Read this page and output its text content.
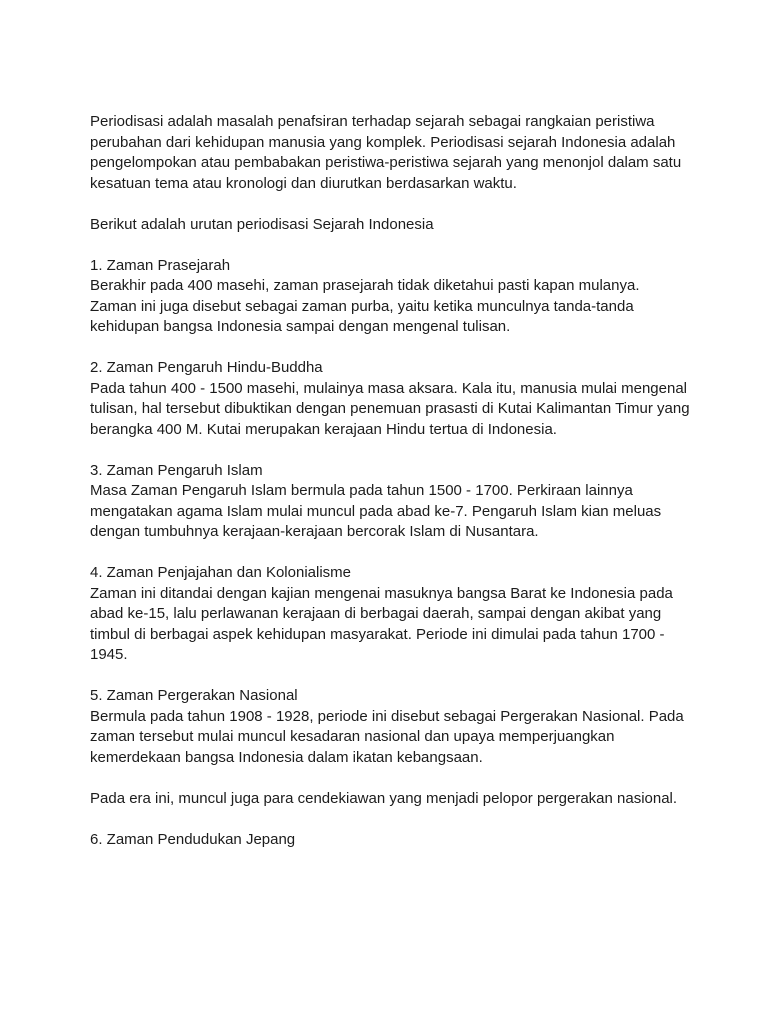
Periodisasi adalah masalah penafsiran terhadap sejarah sebagai rangkaian peristiwa perubahan dari kehidupan manusia yang komplek. Periodisasi sejarah Indonesia adalah pengelompokan atau pembabakan peristiwa-peristiwa sejarah yang menonjol dalam satu kesatuan tema atau kronologi dan diurutkan berdasarkan waktu.

Berikut adalah urutan periodisasi Sejarah Indonesia

1. Zaman Prasejarah
Berakhir pada 400 masehi, zaman prasejarah tidak diketahui pasti kapan mulanya. Zaman ini juga disebut sebagai zaman purba, yaitu ketika munculnya tanda-tanda kehidupan bangsa Indonesia sampai dengan mengenal tulisan.
2. Zaman Pengaruh Hindu-Buddha
Pada tahun 400 - 1500 masehi, mulainya masa aksara. Kala itu, manusia mulai mengenal tulisan, hal tersebut dibuktikan dengan penemuan prasasti di Kutai Kalimantan Timur yang berangka 400 M. Kutai merupakan kerajaan Hindu tertua di Indonesia.
3. Zaman Pengaruh Islam
Masa Zaman Pengaruh Islam bermula pada tahun 1500 - 1700. Perkiraan lainnya mengatakan agama Islam mulai muncul pada abad ke-7. Pengaruh Islam kian meluas dengan tumbuhnya kerajaan-kerajaan bercorak Islam di Nusantara.
4. Zaman Penjajahan dan Kolonialisme
Zaman ini ditandai dengan kajian mengenai masuknya bangsa Barat ke Indonesia pada abad ke-15, lalu perlawanan kerajaan di berbagai daerah, sampai dengan akibat yang timbul di berbagai aspek kehidupan masyarakat. Periode ini dimulai pada tahun 1700 - 1945.
5. Zaman Pergerakan Nasional
Bermula pada tahun 1908 - 1928, periode ini disebut sebagai Pergerakan Nasional. Pada zaman tersebut mulai muncul kesadaran nasional dan upaya memperjuangkan kemerdekaan bangsa Indonesia dalam ikatan kebangsaan.

Pada era ini, muncul juga para cendekiawan yang menjadi pelopor pergerakan nasional.

6. Zaman Pendudukan Jepang
